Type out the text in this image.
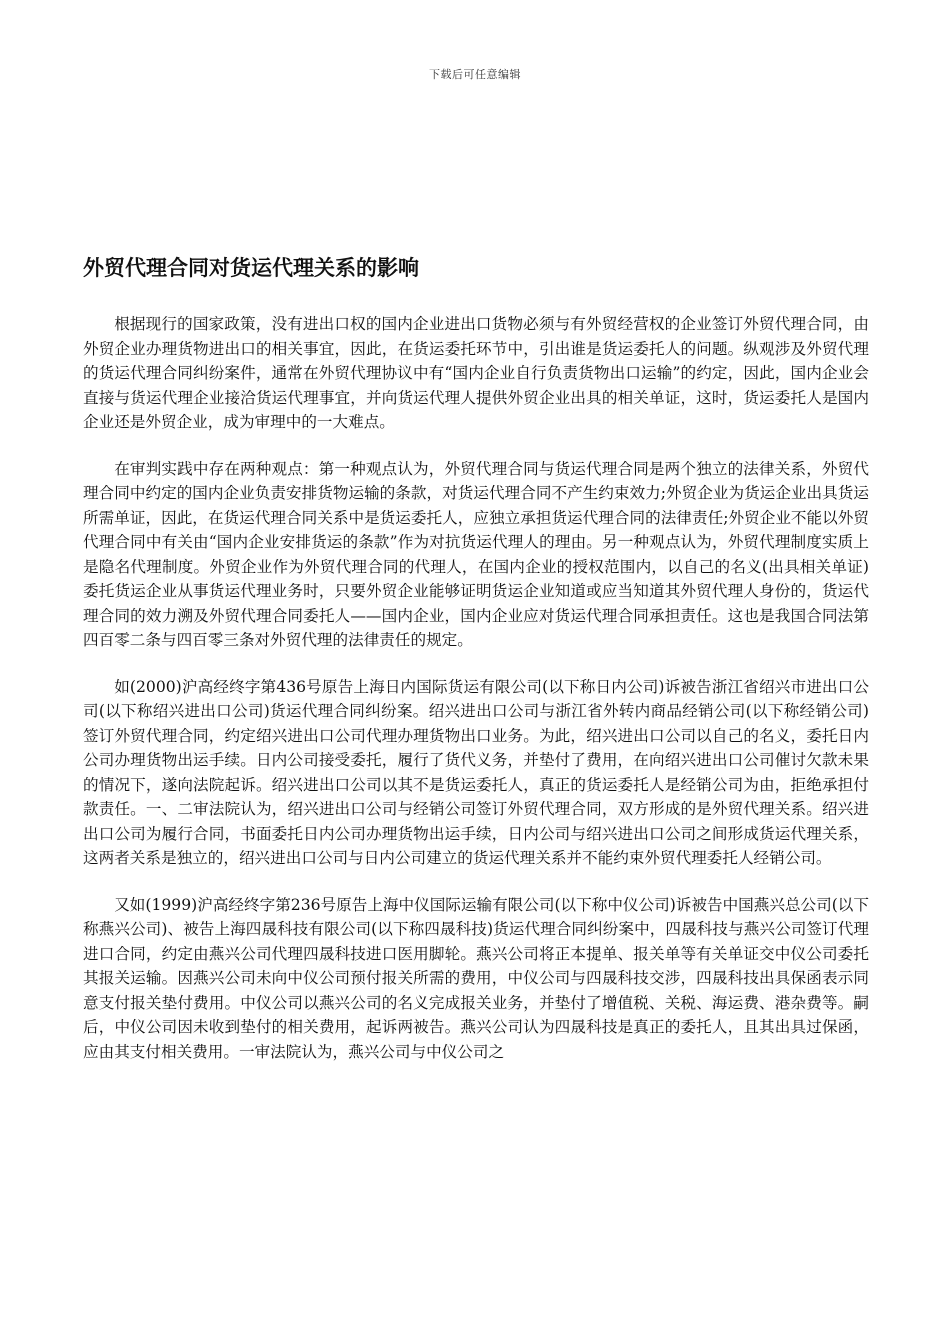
下载后可任意编辑
外贸代理合同对货运代理关系的影响

根据现行的国家政策，没有进出口权的国内企业进出口货物必须与有外贸经营权的企业签订外贸代理合同，由外贸企业办理货物进出口的相关事宜，因此，在货运委托环节中，引出谁是货运委托人的问题。纵观涉及外贸代理的货运代理合同纠纷案件，通常在外贸代理协议中有“国内企业自行负责货物出口运输”的约定，因此，国内企业会直接与货运代理企业接洽货运代理事宜，并向货运代理人提供外贸企业出具的相关单证，这时，货运委托人是国内企业还是外贸企业，成为审理中的一大难点。

在审判实践中存在两种观点：第一种观点认为，外贸代理合同与货运代理合同是两个独立的法律关系，外贸代理合同中约定的国内企业负责安排货物运输的条款，对货运代理合同不产生约束效力;外贸企业为货运企业出具货运所需单证，因此，在货运代理合同关系中是货运委托人，应独立承担货运代理合同的法律责任;外贸企业不能以外贸代理合同中有关由“国内企业安排货运的条款”作为对抗货运代理人的理由。另一种观点认为，外贸代理制度实质上是隐名代理制度。外贸企业作为外贸代理合同的代理人，在国内企业的授权范围内，以自己的名义(出具相关单证)委托货运企业从事货运代理业务时，只要外贸企业能够证明货运企业知道或应当知道其外贸代理人身份的，货运代理合同的效力溯及外贸代理合同委托人——国内企业，国内企业应对货运代理合同承担责任。这也是我国合同法第四百零二条与四百零三条对外贸代理的法律责任的规定。

如(2000)沪高经终字第436号原告上海日内国际货运有限公司(以下称日内公司)诉被告浙江省绍兴市进出口公司(以下称绍兴进出口公司)货运代理合同纠纷案。绍兴进出口公司与浙江省外转内商品经销公司(以下称经销公司)签订外贸代理合同，约定绍兴进出口公司代理办理货物出口业务。为此，绍兴进出口公司以自己的名义，委托日内公司办理货物出运手续。日内公司接受委托，履行了货代义务，并垫付了费用，在向绍兴进出口公司催讨欠款未果的情况下，遂向法院起诉。绍兴进出口公司以其不是货运委托人，真正的货运委托人是经销公司为由，拒绝承担付款责任。一、二审法院认为，绍兴进出口公司与经销公司签订外贸代理合同，双方形成的是外贸代理关系。绍兴进出口公司为履行合同，书面委托日内公司办理货物出运手续，日内公司与绍兴进出口公司之间形成货运代理关系，这两者关系是独立的，绍兴进出口公司与日内公司建立的货运代理关系并不能约束外贸代理委托人经销公司。

又如(1999)沪高经终字第236号原告上海中仪国际运输有限公司(以下称中仪公司)诉被告中国燕兴总公司(以下称燕兴公司)、被告上海四晟科技有限公司(以下称四晟科技)货运代理合同纠纷案中，四晟科技与燕兴公司签订代理进口合同，约定由燕兴公司代理四晟科技进口医用脚轮。燕兴公司将正本提单、报关单等有关单证交中仪公司委托其报关运输。因燕兴公司未向中仪公司预付报关所需的费用，中仪公司与四晟科技交涉，四晟科技出具保函表示同意支付报关垫付费用。中仪公司以燕兴公司的名义完成报关业务，并垫付了增值税、关税、海运费、港杂费等。嗣后，中仪公司因未收到垫付的相关费用，起诉两被告。燕兴公司认为四晟科技是真正的委托人，且其出具过保函，应由其支付相关费用。一审法院认为，燕兴公司与中仪公司之
